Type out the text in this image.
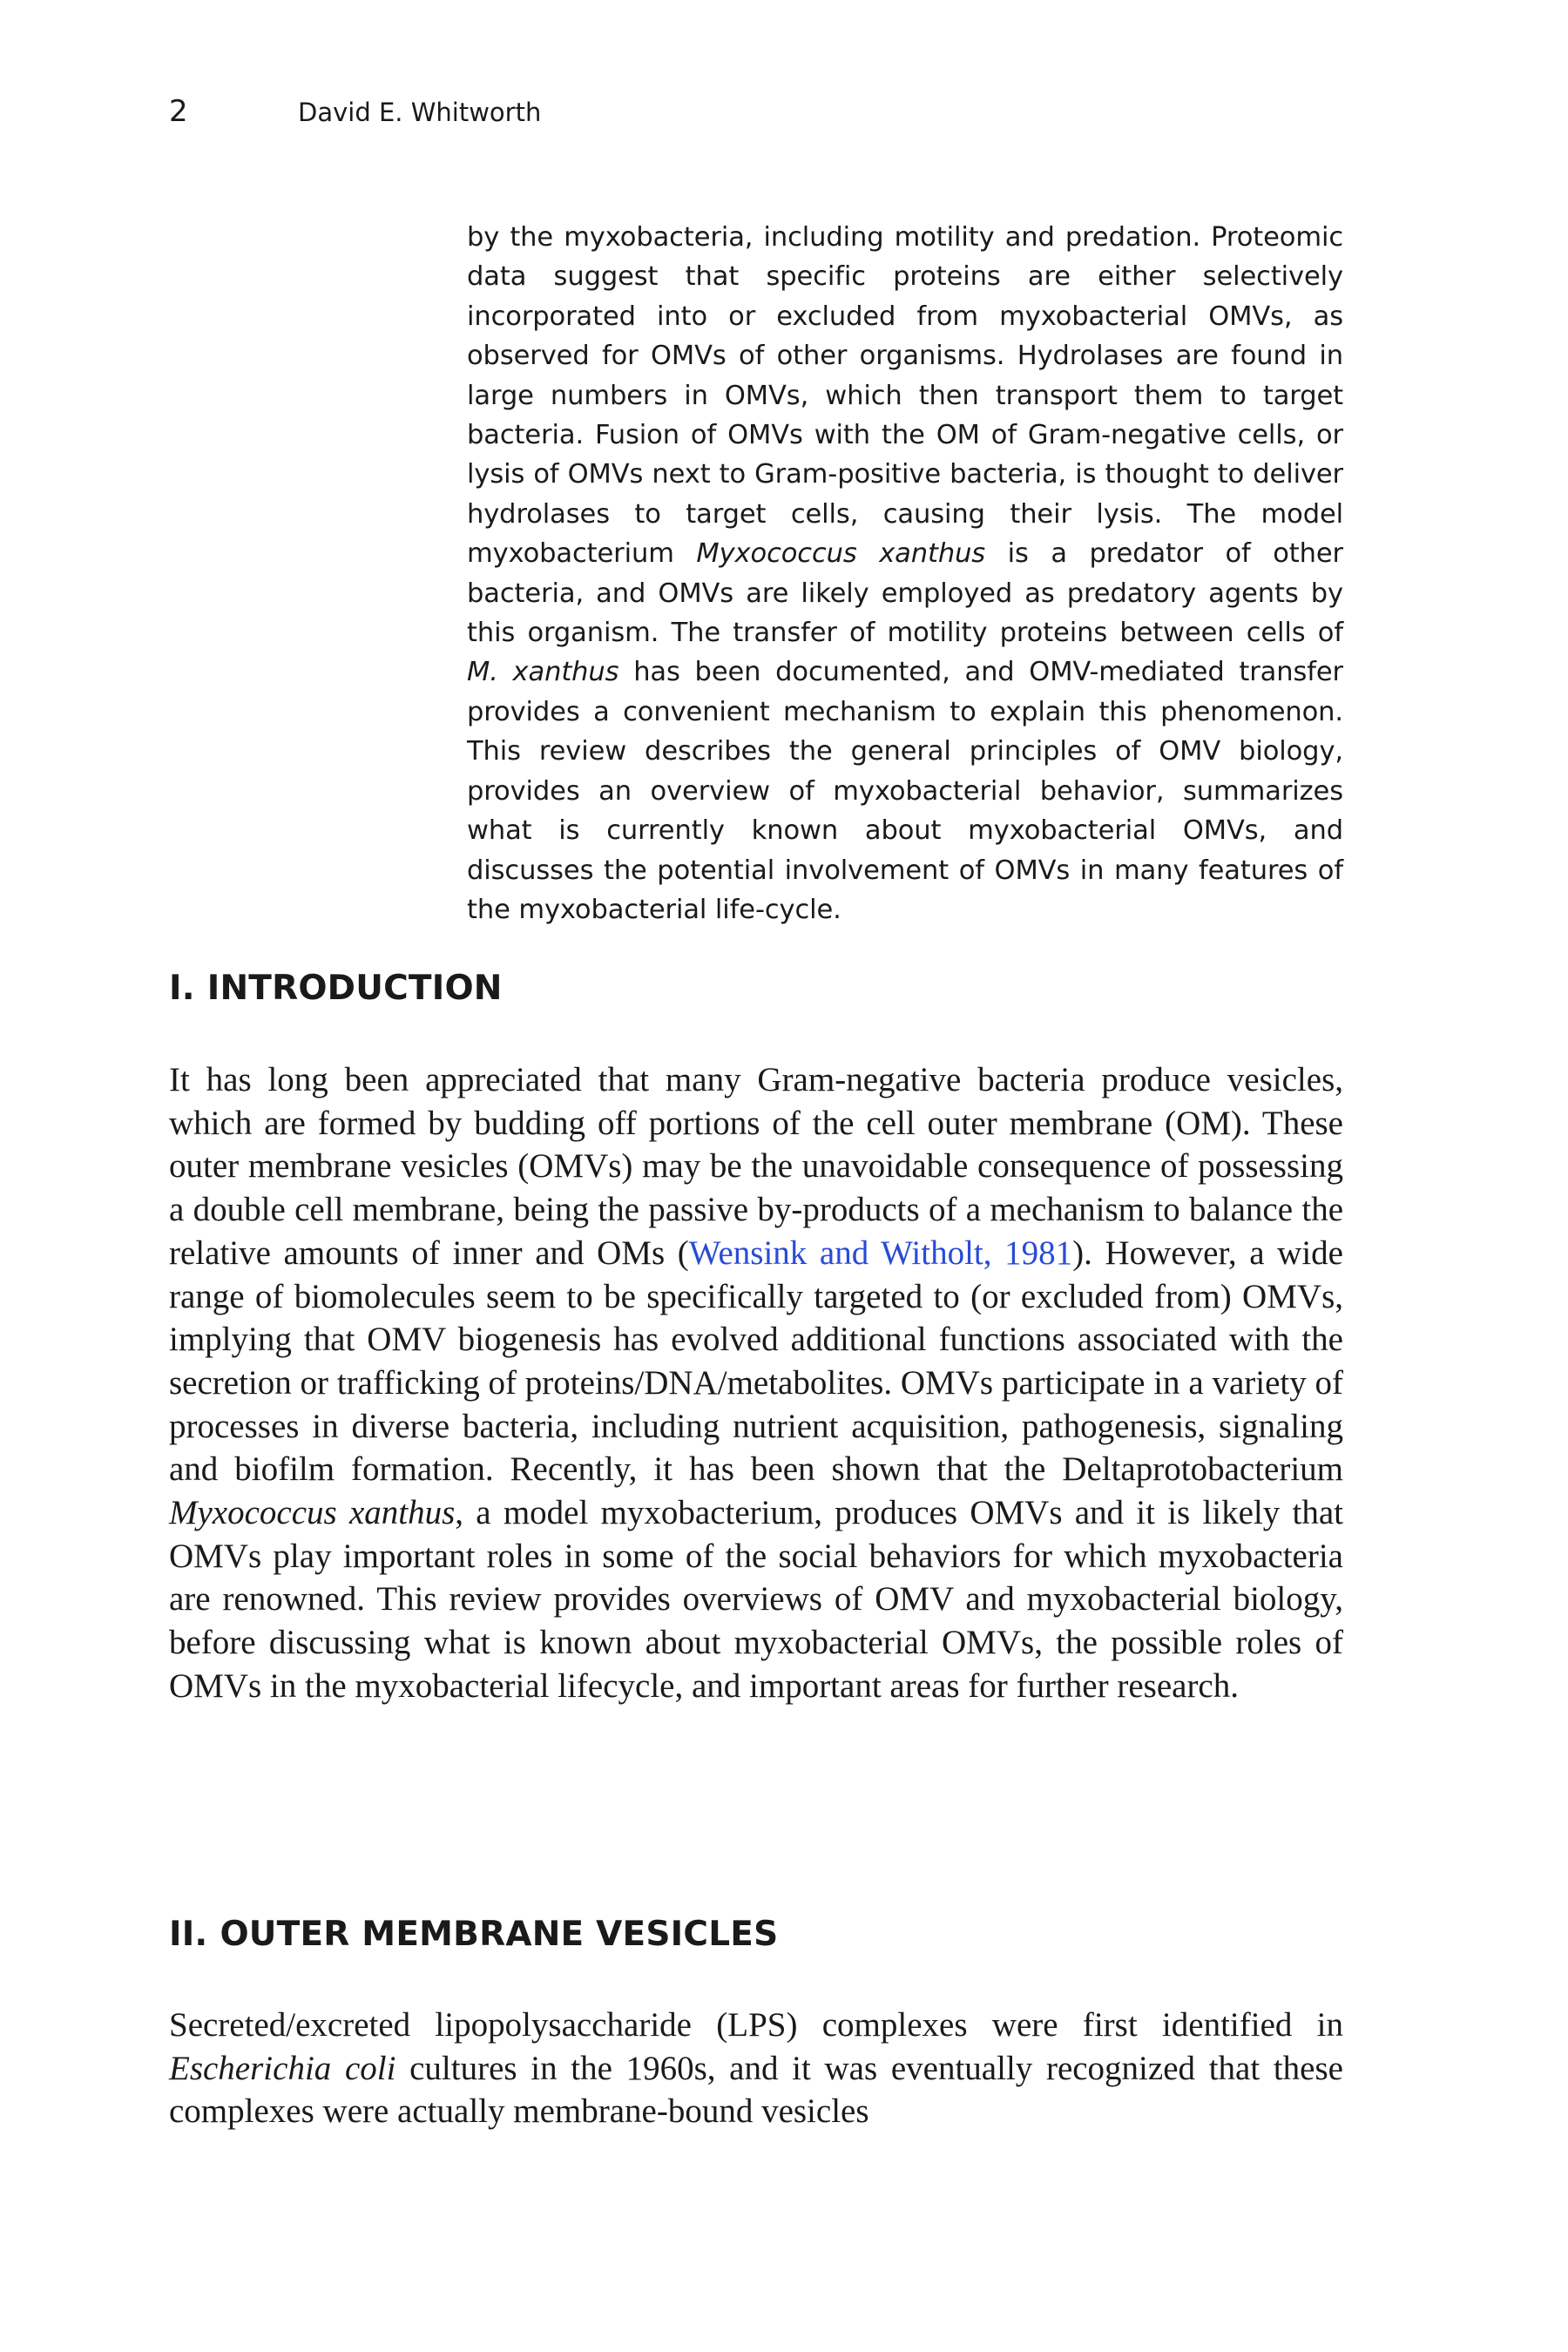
2	David E. Whitworth

by the myxobacteria, including motility and predation. Proteomic data suggest that specific proteins are either selectively incorporated into or excluded from myxobacterial OMVs, as observed for OMVs of other organisms. Hydrolases are found in large numbers in OMVs, which then transport them to target bacteria. Fusion of OMVs with the OM of Gram-negative cells, or lysis of OMVs next to Gram-positive bacteria, is thought to deliver hydrolases to target cells, causing their lysis. The model myxobacterium Myxococcus xanthus is a predator of other bacteria, and OMVs are likely employed as predatory agents by this organism. The transfer of motility proteins between cells of M. xanthus has been documented, and OMV-mediated transfer provides a convenient mechanism to explain this phenomenon. This review describes the general principles of OMV biology, provides an overview of myxobacterial behavior, summarizes what is currently known about myxobacterial OMVs, and discusses the potential involvement of OMVs in many features of the myxobacterial life-cycle.

I. INTRODUCTION

It has long been appreciated that many Gram-negative bacteria produce vesicles, which are formed by budding off portions of the cell outer membrane (OM). These outer membrane vesicles (OMVs) may be the unavoidable consequence of possessing a double cell membrane, being the passive by-products of a mechanism to balance the relative amounts of inner and OMs (Wensink and Witholt, 1981). However, a wide range of biomolecules seem to be specifically targeted to (or excluded from) OMVs, implying that OMV biogenesis has evolved additional functions associated with the secretion or trafficking of proteins/DNA/metabolites. OMVs participate in a variety of processes in diverse bacteria, including nutrient acquisition, pathogenesis, signaling and biofilm formation. Recently, it has been shown that the Deltaprotobacterium Myxococcus xanthus, a model myxobacterium, produces OMVs and it is likely that OMVs play important roles in some of the social behaviors for which myxobacteria are renowned. This review provides overviews of OMV and myxobacterial biology, before discussing what is known about myxobacterial OMVs, the possible roles of OMVs in the myxobacterial lifecycle, and important areas for further research.

II. OUTER MEMBRANE VESICLES

Secreted/excreted lipopolysaccharide (LPS) complexes were first identified in Escherichia coli cultures in the 1960s, and it was eventually recognized that these complexes were actually membrane-bound vesicles
